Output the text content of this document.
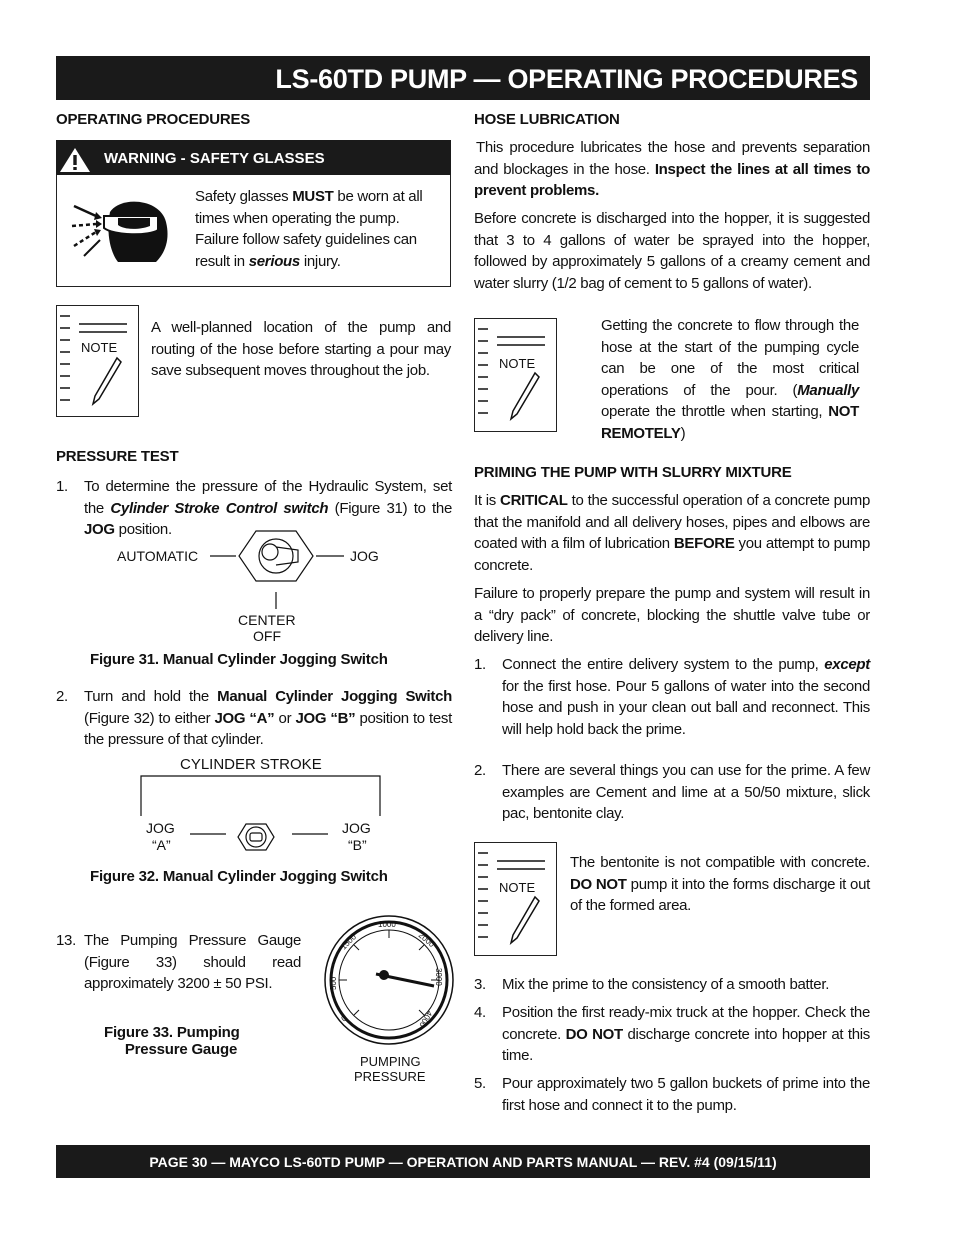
LS-60TD PUMP — OPERATING PROCEDURES
OPERATING PROCEDURES
WARNING - SAFETY GLASSES
Safety glasses MUST be worn at all times when operating the pump. Failure follow safety guidelines can result in serious injury.
NOTE
A well-planned location of the pump and routing of the hose before starting a pour may save subsequent moves throughout the job.
PRESSURE TEST
1. To determine the pressure of the Hydraulic System, set the Cylinder Stroke Control switch (Figure 31) to the JOG position.
AUTOMATIC	JOG
CENTER
OFF
Figure 31. Manual Cylinder Jogging Switch
2. Turn and hold the Manual Cylinder Jogging Switch (Figure 32) to either JOG “A” or JOG “B” position to test the pressure of that cylinder.
CYLINDER STROKE
JOG
“A”
JOG
“B”
Figure 32. Manual Cylinder Jogging Switch
13. The Pumping Pressure Gauge (Figure 33) should read approximately 3200 ± 50 PSI.
0
500
1500
1000
2000
3000
4000
PUMPING
PRESSURE
Figure 33. Pumping
Pressure Gauge
HOSE LUBRICATION
This procedure lubricates the hose and prevents separation and blockages in the hose. Inspect the lines at all times to prevent problems.
Before concrete is discharged into the hopper, it is suggested that 3 to 4 gallons of water be sprayed into the hopper, followed by approximately 5 gallons of a creamy cement and water slurry (1/2 bag of cement to 5 gallons of water).
NOTE
Getting the concrete to flow through the hose at the start of the pumping cycle can be one of the most critical operations of the pour. (Manually operate the throttle when starting, NOT REMOTELY)
PRIMING THE PUMP WITH SLURRY MIXTURE
It is CRITICAL to the successful operation of a concrete pump that the manifold and all delivery hoses, pipes and elbows are coated with a film of lubrication BEFORE you attempt to pump concrete.
Failure to properly prepare the pump and system will result in a “dry pack” of concrete, blocking the shuttle valve tube or delivery line.
1. Connect the entire delivery system to the pump, except for the first hose. Pour 5 gallons of water into the second hose and push in your clean out ball and reconnect. This will help hold back the prime.
2. There are several things you can use for the prime. A few examples are Cement and lime at a 50/50 mixture, slick pac, bentonite clay.
NOTE
The bentonite is not compatible with concrete. DO NOT pump it into the forms discharge it out of the formed area.
3. Mix the prime to the consistency of a smooth batter.
4. Position the first ready-mix truck at the hopper. Check the concrete. DO NOT discharge concrete into hopper at this time.
5. Pour approximately two 5 gallon buckets of prime into the first hose and connect it to the pump.
PAGE 30 — MAYCO LS-60TD PUMP — OPERATION AND PARTS MANUAL — REV. #4 (09/15/11)
